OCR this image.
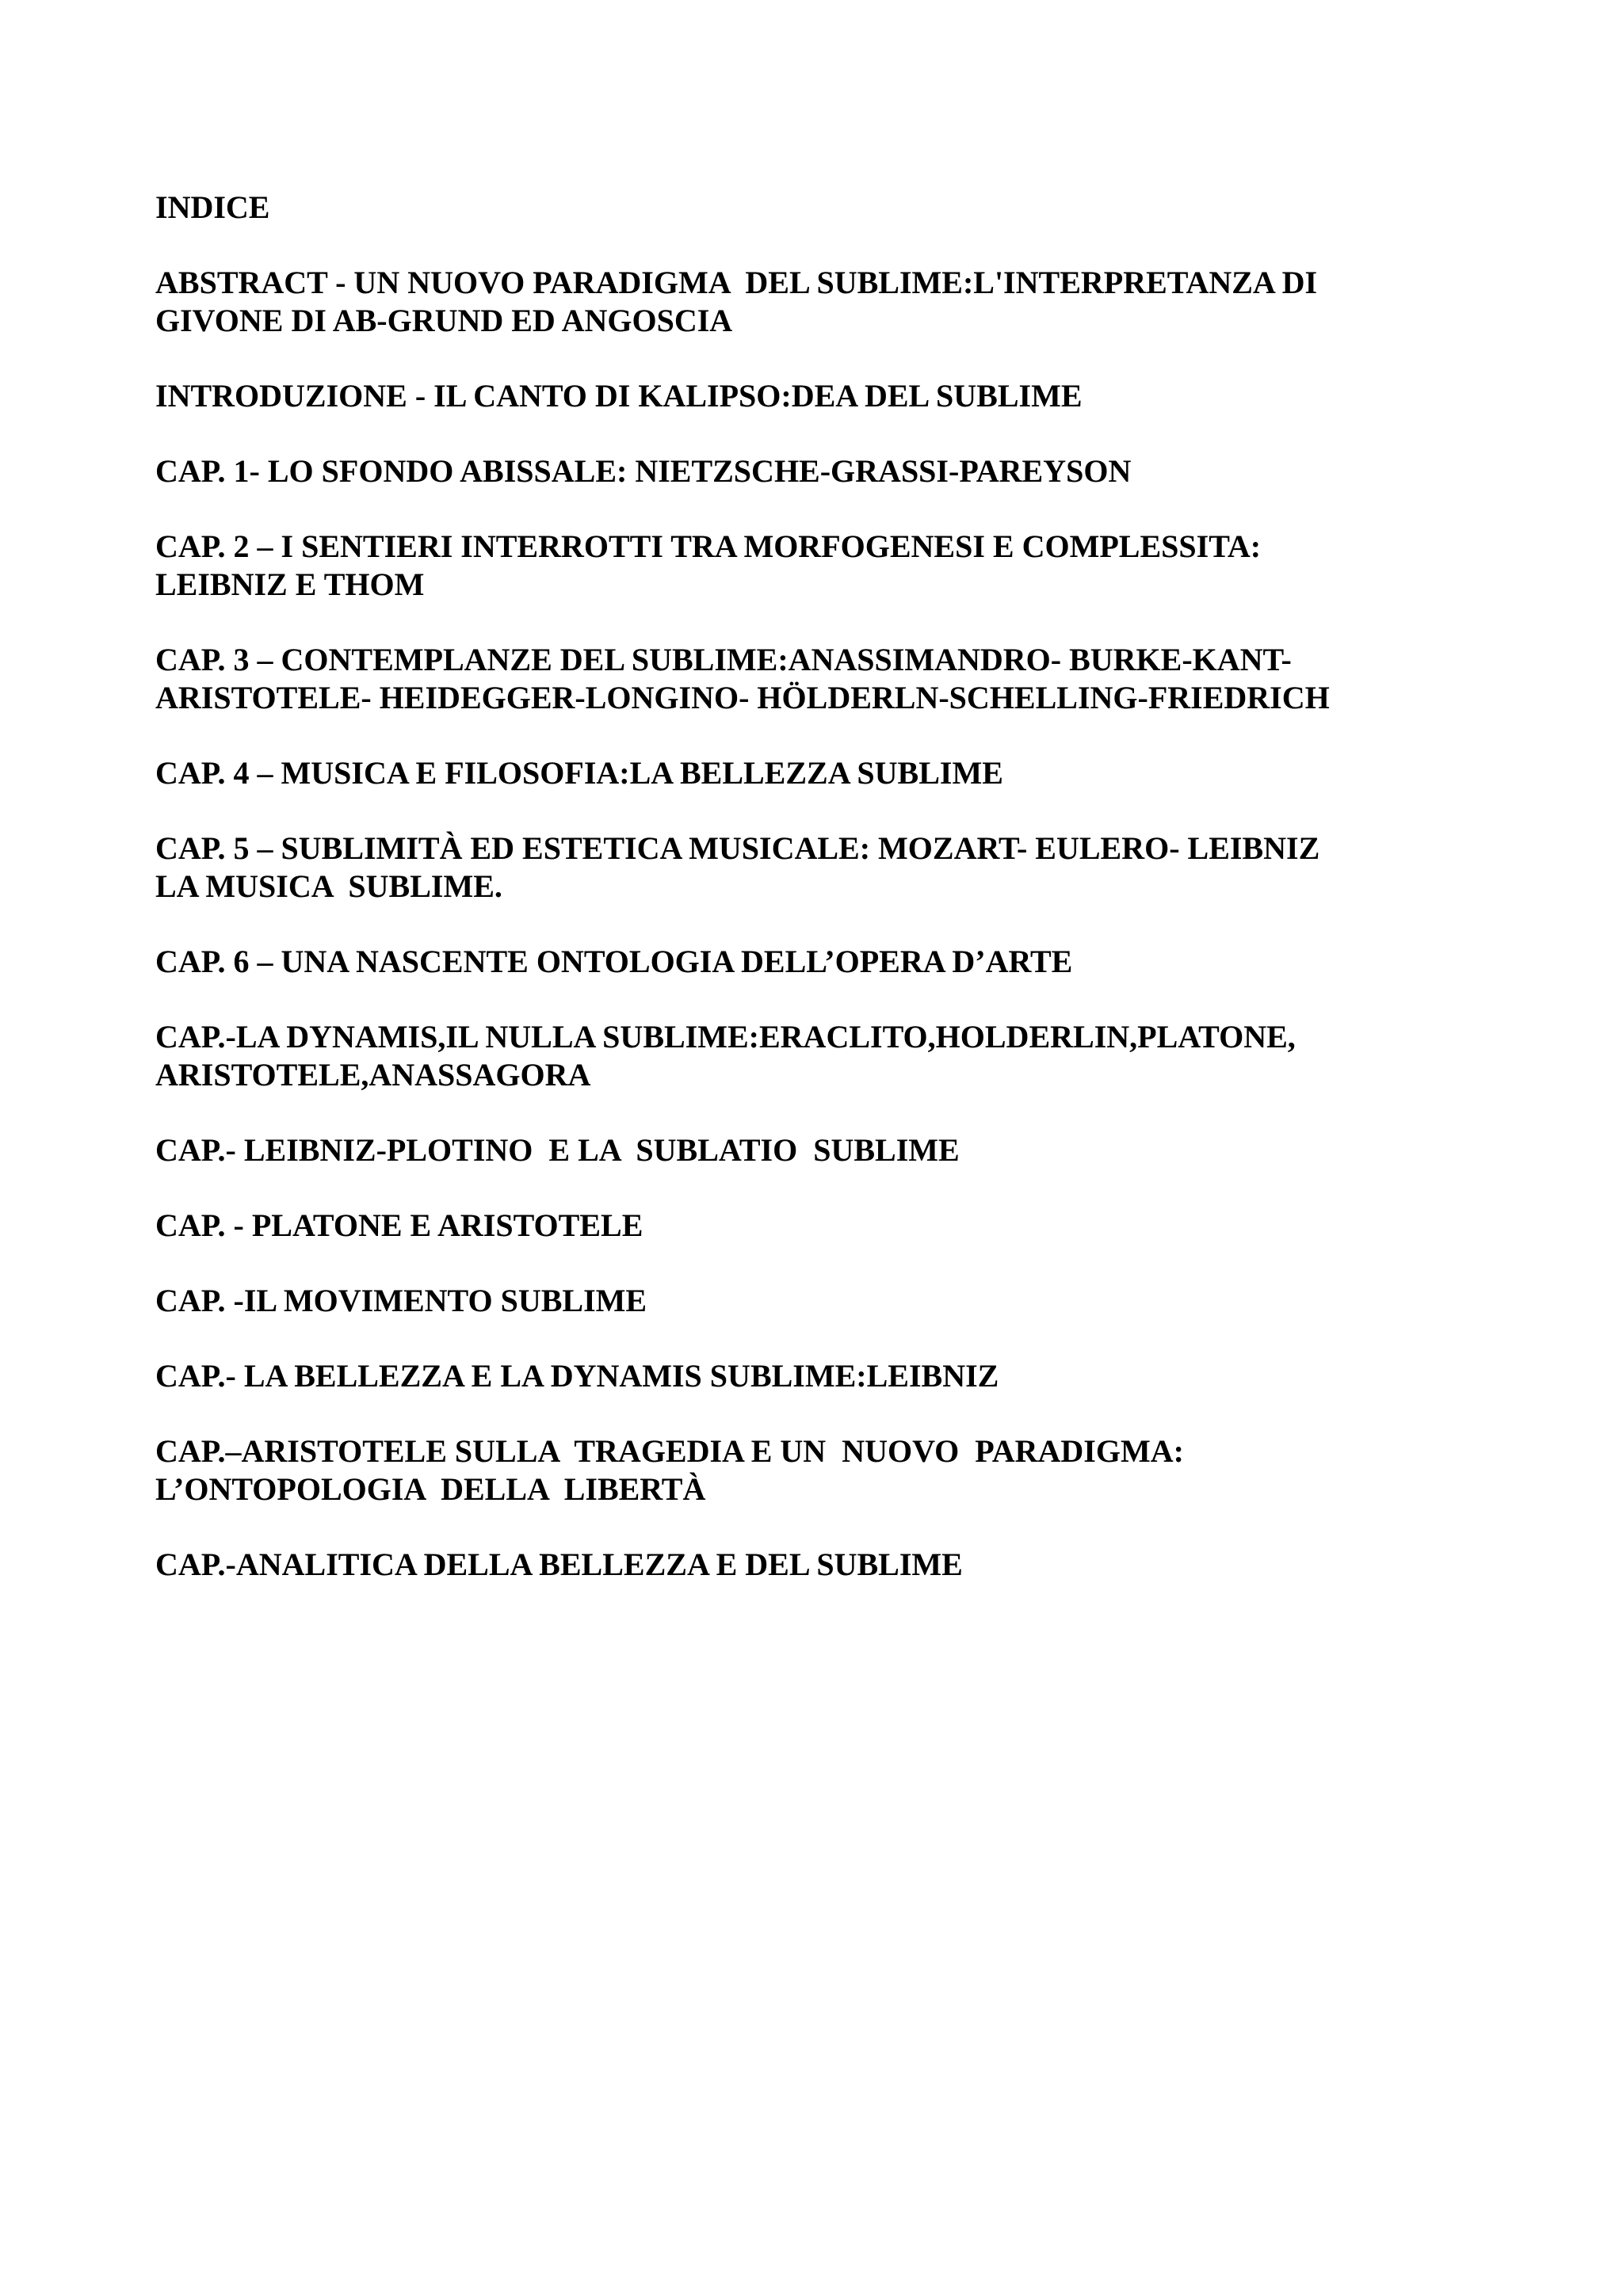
INDICE
ABSTRACT - UN NUOVO PARADIGMA  DEL SUBLIME:L'INTERPRETANZA DI
GIVONE DI AB-GRUND ED ANGOSCIA
INTRODUZIONE - IL CANTO DI KALIPSO:DEA DEL SUBLIME
CAP. 1- LO SFONDO ABISSALE: NIETZSCHE-GRASSI-PAREYSON
CAP. 2 – I SENTIERI INTERROTTI TRA MORFOGENESI E COMPLESSITA:
LEIBNIZ E THOM
CAP. 3 – CONTEMPLANZE DEL SUBLIME:ANASSIMANDRO- BURKE-KANT-
ARISTOTELE- HEIDEGGER-LONGINO- HÖLDERLN-SCHELLING-FRIEDRICH
CAP. 4 – MUSICA E FILOSOFIA:LA BELLEZZA SUBLIME
CAP. 5 – SUBLIMITÀ ED ESTETICA MUSICALE: MOZART- EULERO- LEIBNIZ
LA MUSICA  SUBLIME.
CAP. 6 – UNA NASCENTE ONTOLOGIA DELL’OPERA D’ARTE
CAP.-LA DYNAMIS,IL NULLA SUBLIME:ERACLITO,HOLDERLIN,PLATONE,
ARISTOTELE,ANASSAGORA
CAP.- LEIBNIZ-PLOTINO  E LA  SUBLATIO  SUBLIME
CAP. - PLATONE E ARISTOTELE
CAP. -IL MOVIMENTO SUBLIME
CAP.- LA BELLEZZA E LA DYNAMIS SUBLIME:LEIBNIZ
CAP.–ARISTOTELE SULLA  TRAGEDIA E UN  NUOVO  PARADIGMA:
L’ONTOPOLOGIA  DELLA  LIBERTÀ
CAP.-ANALITICA DELLA BELLEZZA E DEL SUBLIME
